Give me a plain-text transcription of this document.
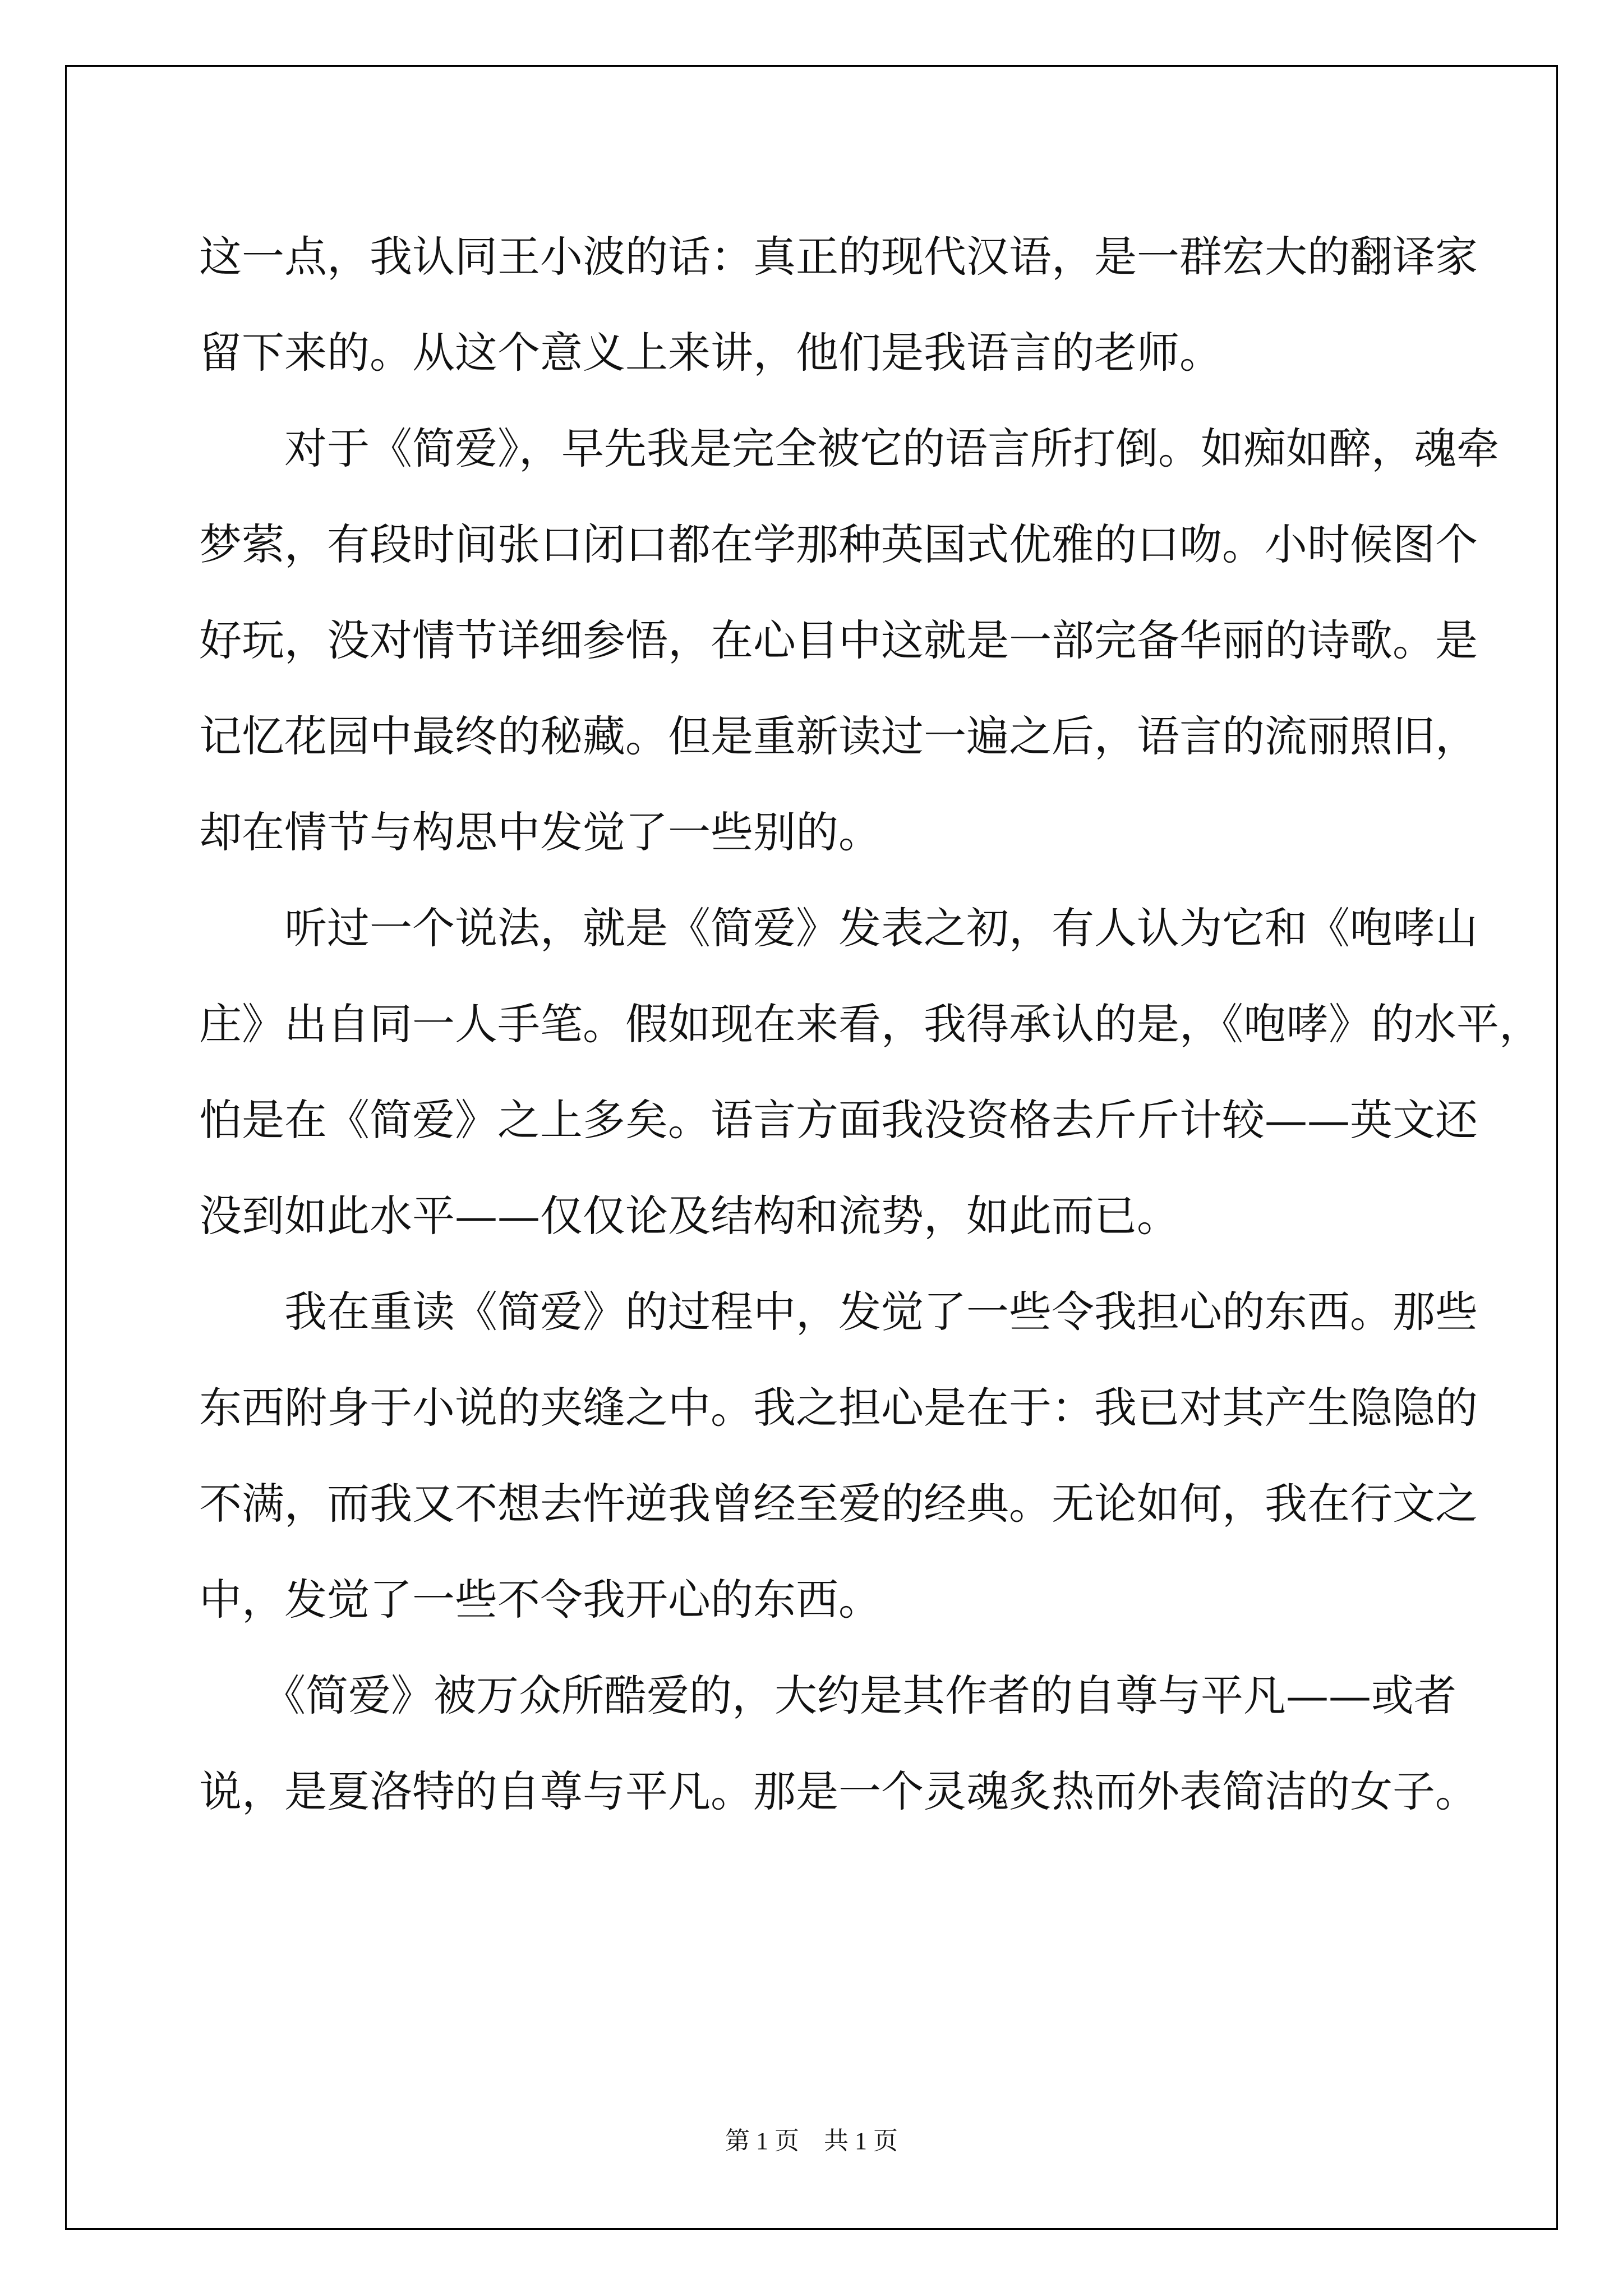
这一点，我认同王小波的话：真正的现代汉语，是一群宏大的翻译家
留下来的。从这个意义上来讲，他们是我语言的老师。
　　对于《简爱》，早先我是完全被它的语言所打倒。如痴如醉，魂牵
梦萦，有段时间张口闭口都在学那种英国式优雅的口吻。小时候图个
好玩，没对情节详细参悟，在心目中这就是一部完备华丽的诗歌。是
记忆花园中最终的秘藏。但是重新读过一遍之后，语言的流丽照旧，
却在情节与构思中发觉了一些别的。
　　听过一个说法，就是《简爱》发表之初，有人认为它和《咆哮山
庄》出自同一人手笔。假如现在来看，我得承认的是，《咆哮》的水平，
怕是在《简爱》之上多矣。语言方面我没资格去斤斤计较——英文还
没到如此水平——仅仅论及结构和流势，如此而已。
　　我在重读《简爱》的过程中，发觉了一些令我担心的东西。那些
东西附身于小说的夹缝之中。我之担心是在于：我已对其产生隐隐的
不满，而我又不想去忤逆我曾经至爱的经典。无论如何，我在行文之
中，发觉了一些不令我开心的东西。
　　《简爱》被万众所酷爱的，大约是其作者的自尊与平凡——或者
说，是夏洛特的自尊与平凡。那是一个灵魂炙热而外表简洁的女子。
第 1 页　共 1 页
